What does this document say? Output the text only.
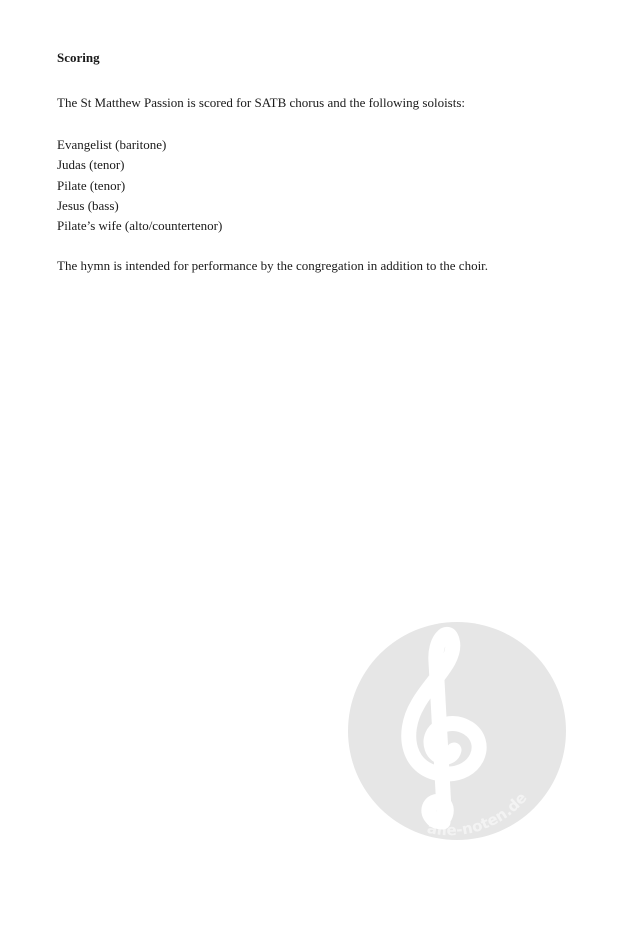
Scoring

The St Matthew Passion is scored for SATB chorus and the following soloists:

Evangelist (baritone)
Judas (tenor)
Pilate (tenor)
Jesus (bass)
Pilate’s wife (alto/countertenor)

The hymn is intended for performance by the congregation in addition to the choir.

alle-noten.de
